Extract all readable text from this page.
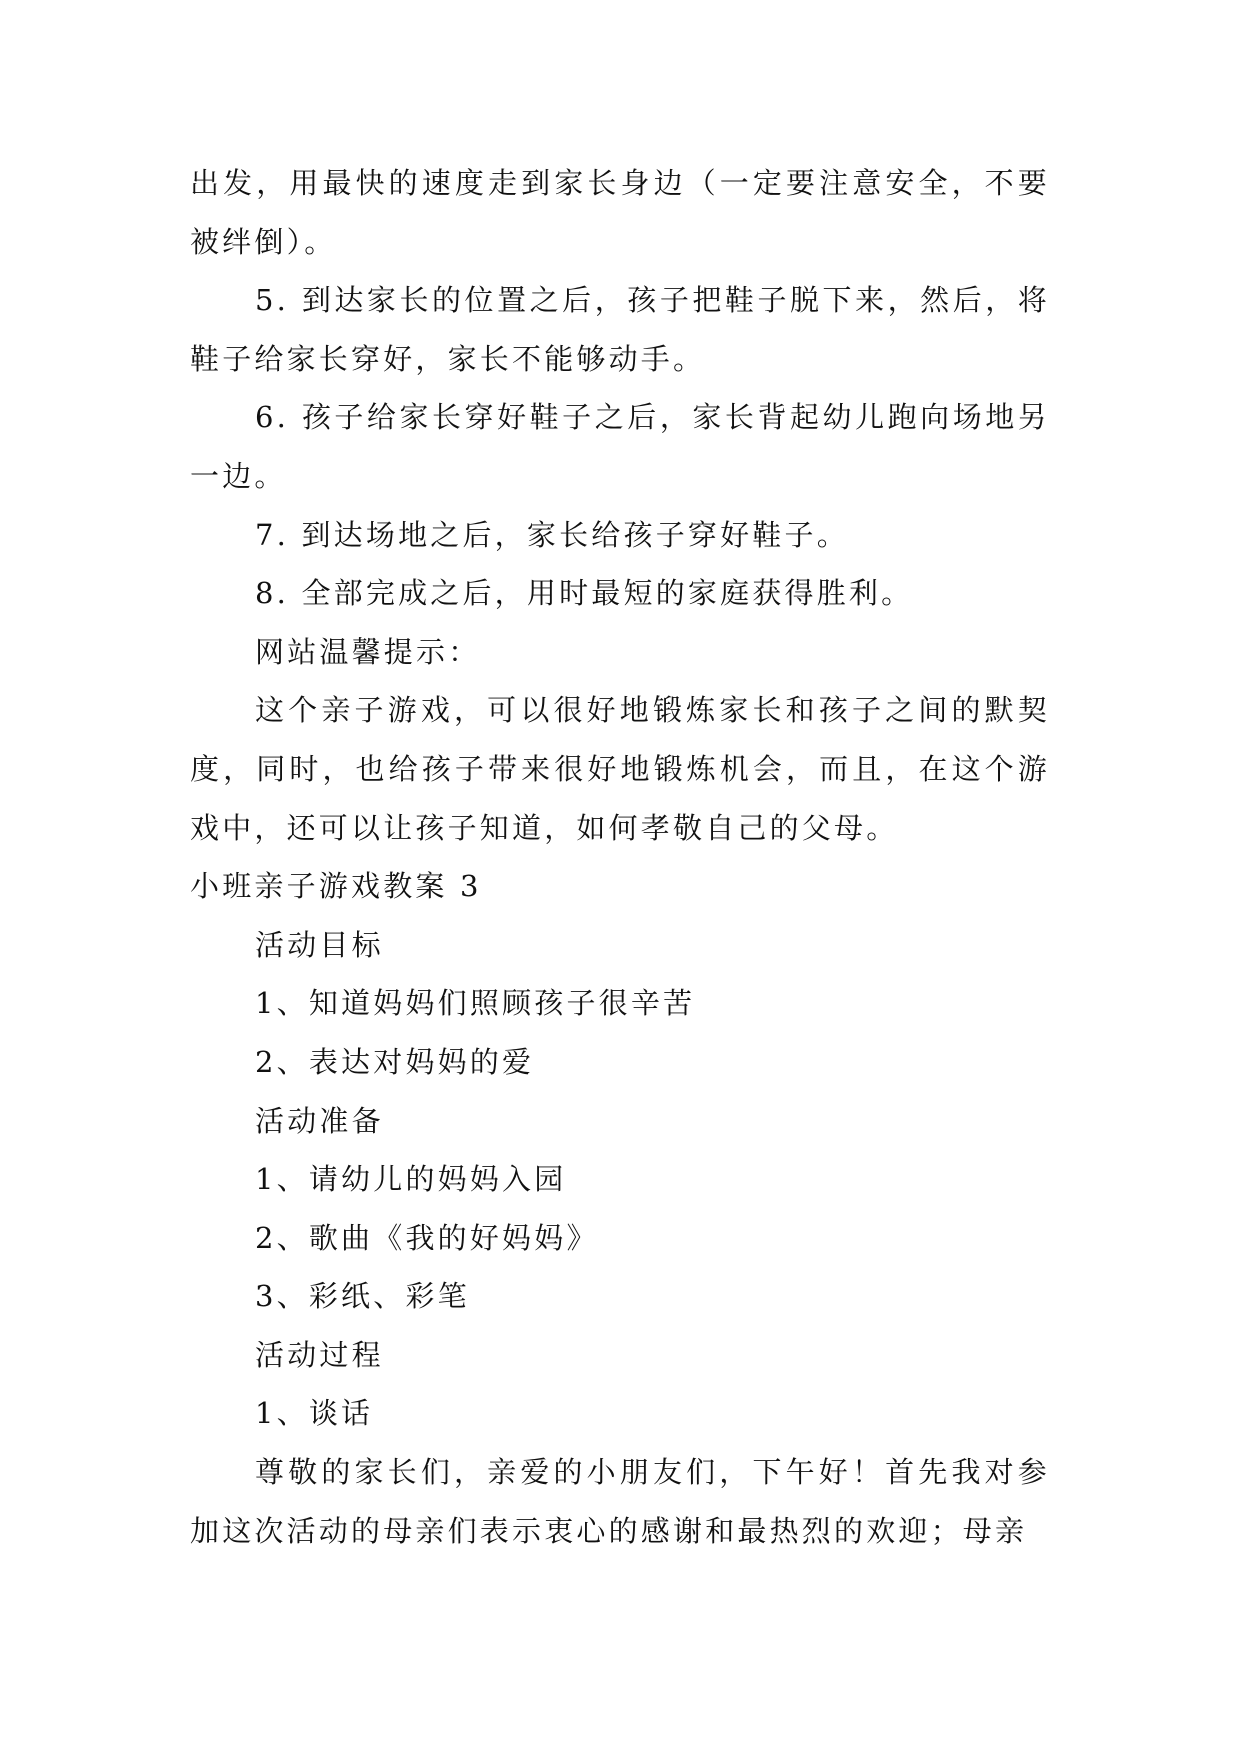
出发，用最快的速度走到家长身边（一定要注意安全，不要被绊倒）。

5. 到达家长的位置之后，孩子把鞋子脱下来，然后，将鞋子给家长穿好，家长不能够动手。

6. 孩子给家长穿好鞋子之后，家长背起幼儿跑向场地另一边。

7. 到达场地之后，家长给孩子穿好鞋子。

8. 全部完成之后，用时最短的家庭获得胜利。

网站温馨提示：

这个亲子游戏，可以很好地锻炼家长和孩子之间的默契度，同时，也给孩子带来很好地锻炼机会，而且，在这个游戏中，还可以让孩子知道，如何孝敬自己的父母。

小班亲子游戏教案 3

活动目标

1、知道妈妈们照顾孩子很辛苦

2、表达对妈妈的爱

活动准备

1、请幼儿的妈妈入园

2、歌曲《我的好妈妈》

3、彩纸、彩笔

活动过程

1、谈话

尊敬的家长们，亲爱的小朋友们，下午好！首先我对参加这次活动的母亲们表示衷心的感谢和最热烈的欢迎；母亲
